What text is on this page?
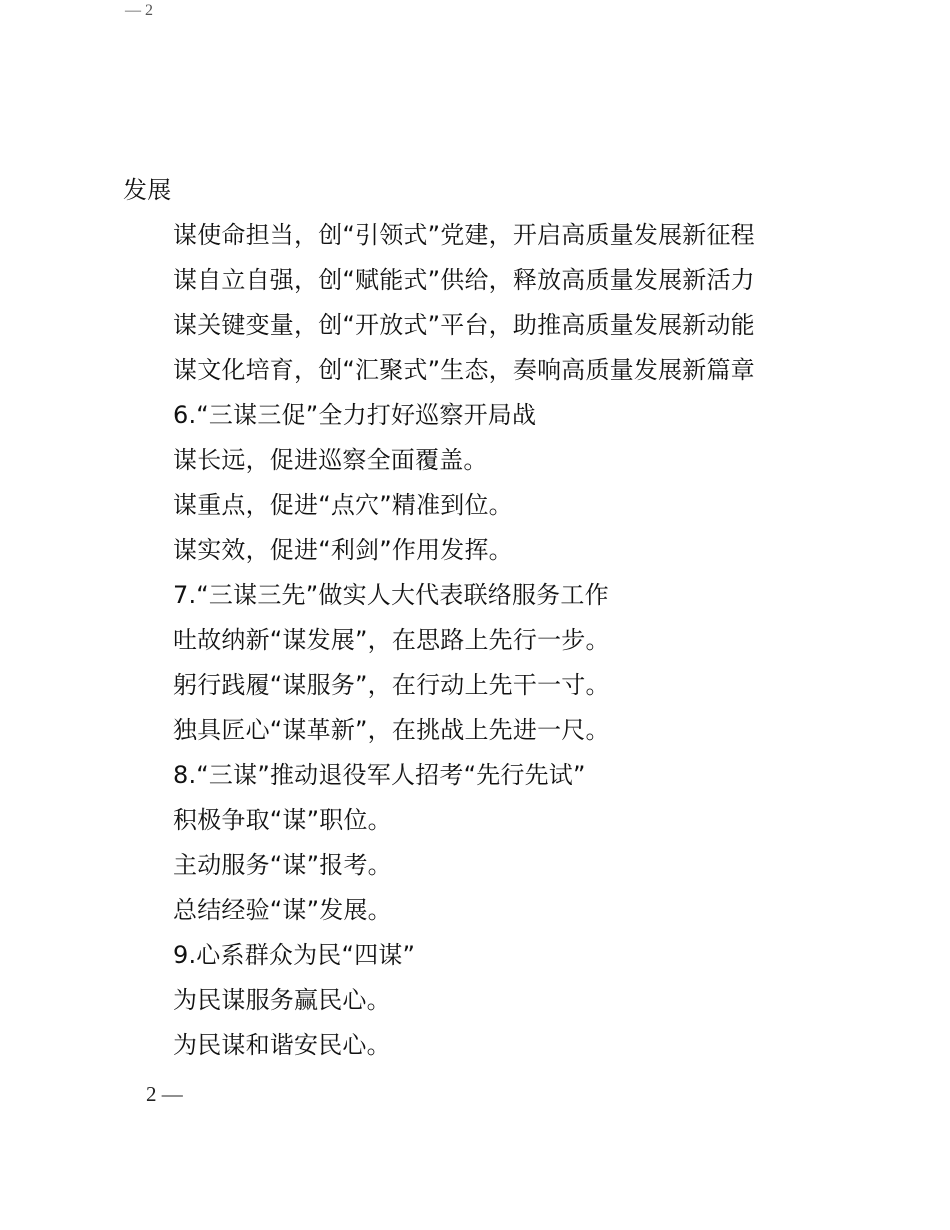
— 2
发展
谋使命担当，创“引领式”党建，开启高质量发展新征程
谋自立自强，创“赋能式”供给，释放高质量发展新活力
谋关键变量，创“开放式”平台，助推高质量发展新动能
谋文化培育，创“汇聚式”生态，奏响高质量发展新篇章
6.“三谋三促”全力打好巡察开局战
谋长远，促进巡察全面覆盖。
谋重点，促进“点穴”精准到位。
谋实效，促进“利剑”作用发挥。
7.“三谋三先”做实人大代表联络服务工作
吐故纳新“谋发展”，在思路上先行一步。
躬行践履“谋服务”，在行动上先干一寸。
独具匠心“谋革新”，在挑战上先进一尺。
8.“三谋”推动退役军人招考“先行先试”
积极争取“谋”职位。
主动服务“谋”报考。
总结经验“谋”发展。
9.心系群众为民“四谋”
为民谋服务赢民心。
为民谋和谐安民心。
2 —
